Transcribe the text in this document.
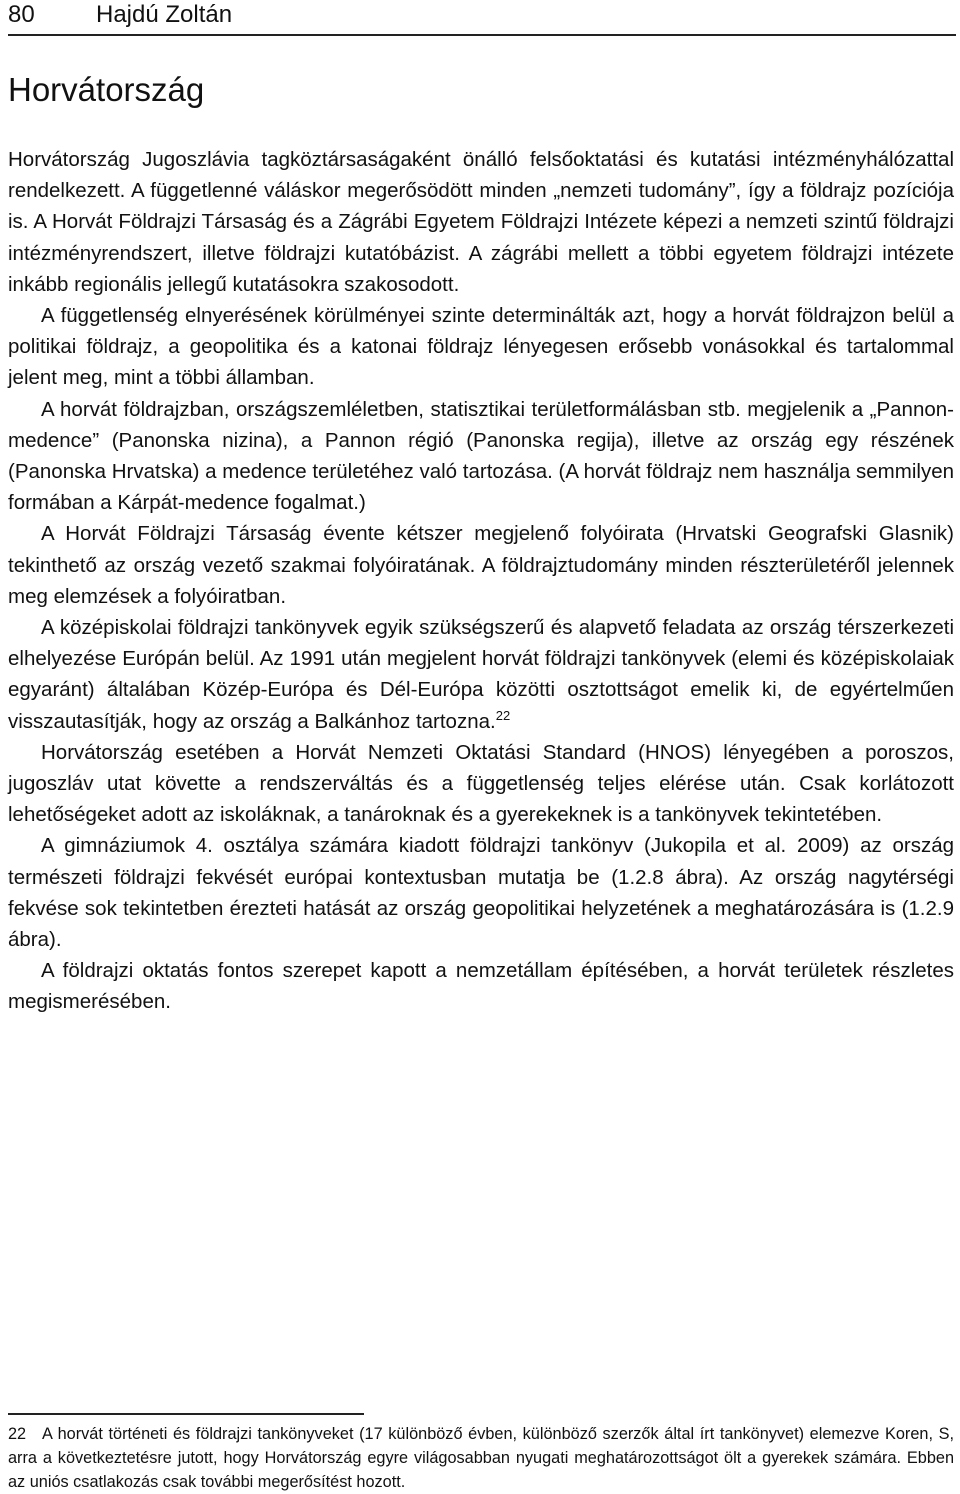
80	Hajdú Zoltán
Horvátország

Horvátország Jugoszlávia tagköztársaságaként önálló felsőoktatási és kutatási intézményhálózattal rendelkezett. A függetlenné váláskor megerősödött minden „nemzeti tudomány”, így a földrajz pozíciója is. A Horvát Földrajzi Társaság és a Zágrábi Egyetem Földrajzi Intézete képezi a nemzeti szintű földrajzi intézményrendszert, illetve földrajzi kutatóbázist. A zágrábi mellett a többi egyetem földrajzi intézete inkább regionális jellegű kutatásokra szakosodott.

A függetlenség elnyerésének körülményei szinte determinálták azt, hogy a horvát földrajzon belül a politikai földrajz, a geopolitika és a katonai földrajz lényegesen erősebb vonásokkal és tartalommal jelent meg, mint a többi államban.

A horvát földrajzban, országszemléletben, statisztikai területformálásban stb. megjelenik a „Pannon-medence” (Panonska nizina), a Pannon régió (Panonska regija), illetve az ország egy részének (Panonska Hrvatska) a medence területéhez való tartozása. (A horvát földrajz nem használja semmilyen formában a Kárpát-medence fogalmat.)

A Horvát Földrajzi Társaság évente kétszer megjelenő folyóirata (Hrvatski Geografski Glasnik) tekinthető az ország vezető szakmai folyóiratának. A földrajztudomány minden részterületéről jelennek meg elemzések a folyóiratban.

A középiskolai földrajzi tankönyvek egyik szükségszerű és alapvető feladata az ország térszerkezeti elhelyezése Európán belül. Az 1991 után megjelent horvát földrajzi tankönyvek (elemi és középiskolaiak egyaránt) általában Közép-Európa és Dél-Európa közötti osztottságot emelik ki, de egyértelműen visszautasítják, hogy az ország a Balkánhoz tartozna.$^{22}$

Horvátország esetében a Horvát Nemzeti Oktatási Standard (HNOS) lényegében a poroszos, jugoszláv utat követte a rendszerváltás és a függetlenség teljes elérése után. Csak korlátozott lehetőségeket adott az iskoláknak, a tanároknak és a gyerekeknek is a tankönyvek tekintetében.

A gimnáziumok 4. osztálya számára kiadott földrajzi tankönyv (Jukopila et al. 2009) az ország természeti földrajzi fekvését európai kontextusban mutatja be (1.2.8 ábra). Az ország nagytérségi fekvése sok tekintetben érezteti hatását az ország geopolitikai helyzetének a meghatározására is (1.2.9 ábra).

A földrajzi oktatás fontos szerepet kapott a nemzetállam építésében, a horvát területek részletes megismerésében.

22 A horvát történeti és földrajzi tankönyveket (17 különböző évben, különböző szerzők által írt tankönyvet) elemezve Koren, S, arra a következtetésre jutott, hogy Horvátország egyre világosabban nyugati meghatározottságot ölt a gyerekek számára. Ebben az uniós csatlakozás csak további megerősítést hozott.
